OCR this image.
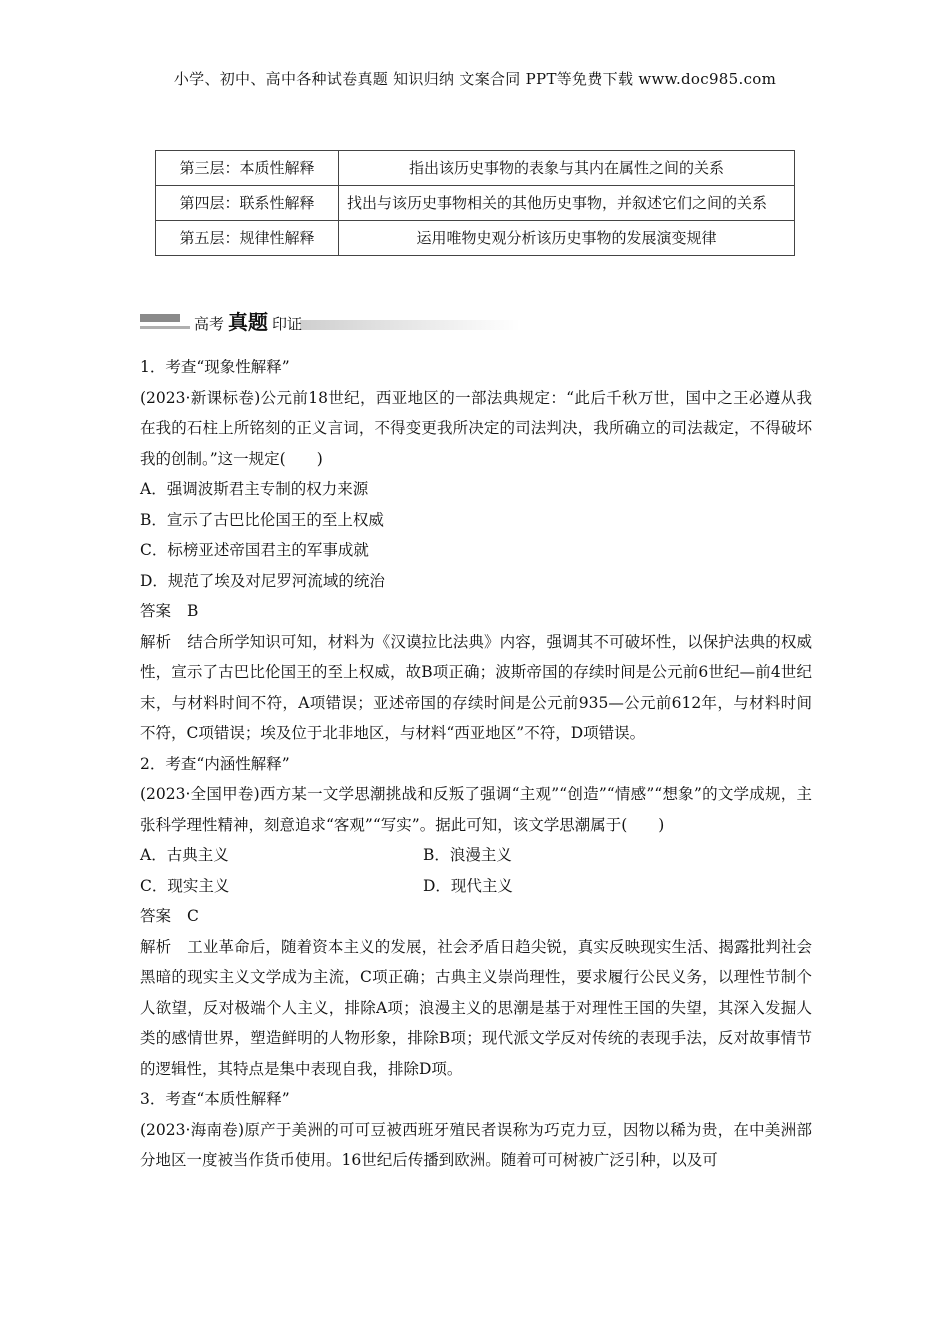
小学、初中、高中各种试卷真题 知识归纳 文案合同 PPT等免费下载 www.doc985.com
第三层：本质性解释	指出该历史事物的表象与其内在属性之间的关系
第四层：联系性解释	找出与该历史事物相关的其他历史事物，并叙述它们之间的关系
第五层：规律性解释	运用唯物史观分析该历史事物的发展演变规律
高考 真题 印证

1．考查“现象性解释”

(2023·新课标卷)公元前18世纪，西亚地区的一部法典规定：“此后千秋万世，国中之王必遵从我在我的石柱上所铭刻的正义言词，不得变更我所决定的司法判决，我所确立的司法裁定，不得破坏我的创制。”这一规定(　　)

A．强调波斯君主专制的权力来源

B．宣示了古巴比伦国王的至上权威

C．标榜亚述帝国君主的军事成就

D．规范了埃及对尼罗河流域的统治

答案 B

解析 结合所学知识可知，材料为《汉谟拉比法典》内容，强调其不可破坏性，以保护法典的权威性，宣示了古巴比伦国王的至上权威，故B项正确；波斯帝国的存续时间是公元前6世纪—前4世纪末，与材料时间不符，A项错误；亚述帝国的存续时间是公元前935—公元前612年，与材料时间不符，C项错误；埃及位于北非地区，与材料“西亚地区”不符，D项错误。

2．考查“内涵性解释”

(2023·全国甲卷)西方某一文学思潮挑战和反叛了强调“主观”“创造”“情感”“想象”的文学成规，主张科学理性精神，刻意追求“客观”“写实”。据此可知，该文学思潮属于(　　)

A．古典主义	B．浪漫主义

C．现实主义	D．现代主义

答案 C

解析 工业革命后，随着资本主义的发展，社会矛盾日趋尖锐，真实反映现实生活、揭露批判社会黑暗的现实主义文学成为主流，C项正确；古典主义崇尚理性，要求履行公民义务，以理性节制个人欲望，反对极端个人主义，排除A项；浪漫主义的思潮是基于对理性王国的失望，其深入发掘人类的感情世界，塑造鲜明的人物形象，排除B项；现代派文学反对传统的表现手法，反对故事情节的逻辑性，其特点是集中表现自我，排除D项。

3．考查“本质性解释”

(2023·海南卷)原产于美洲的可可豆被西班牙殖民者误称为巧克力豆，因物以稀为贵，在中美洲部分地区一度被当作货币使用。16世纪后传播到欧洲。随着可可树被广泛引种，以及可
